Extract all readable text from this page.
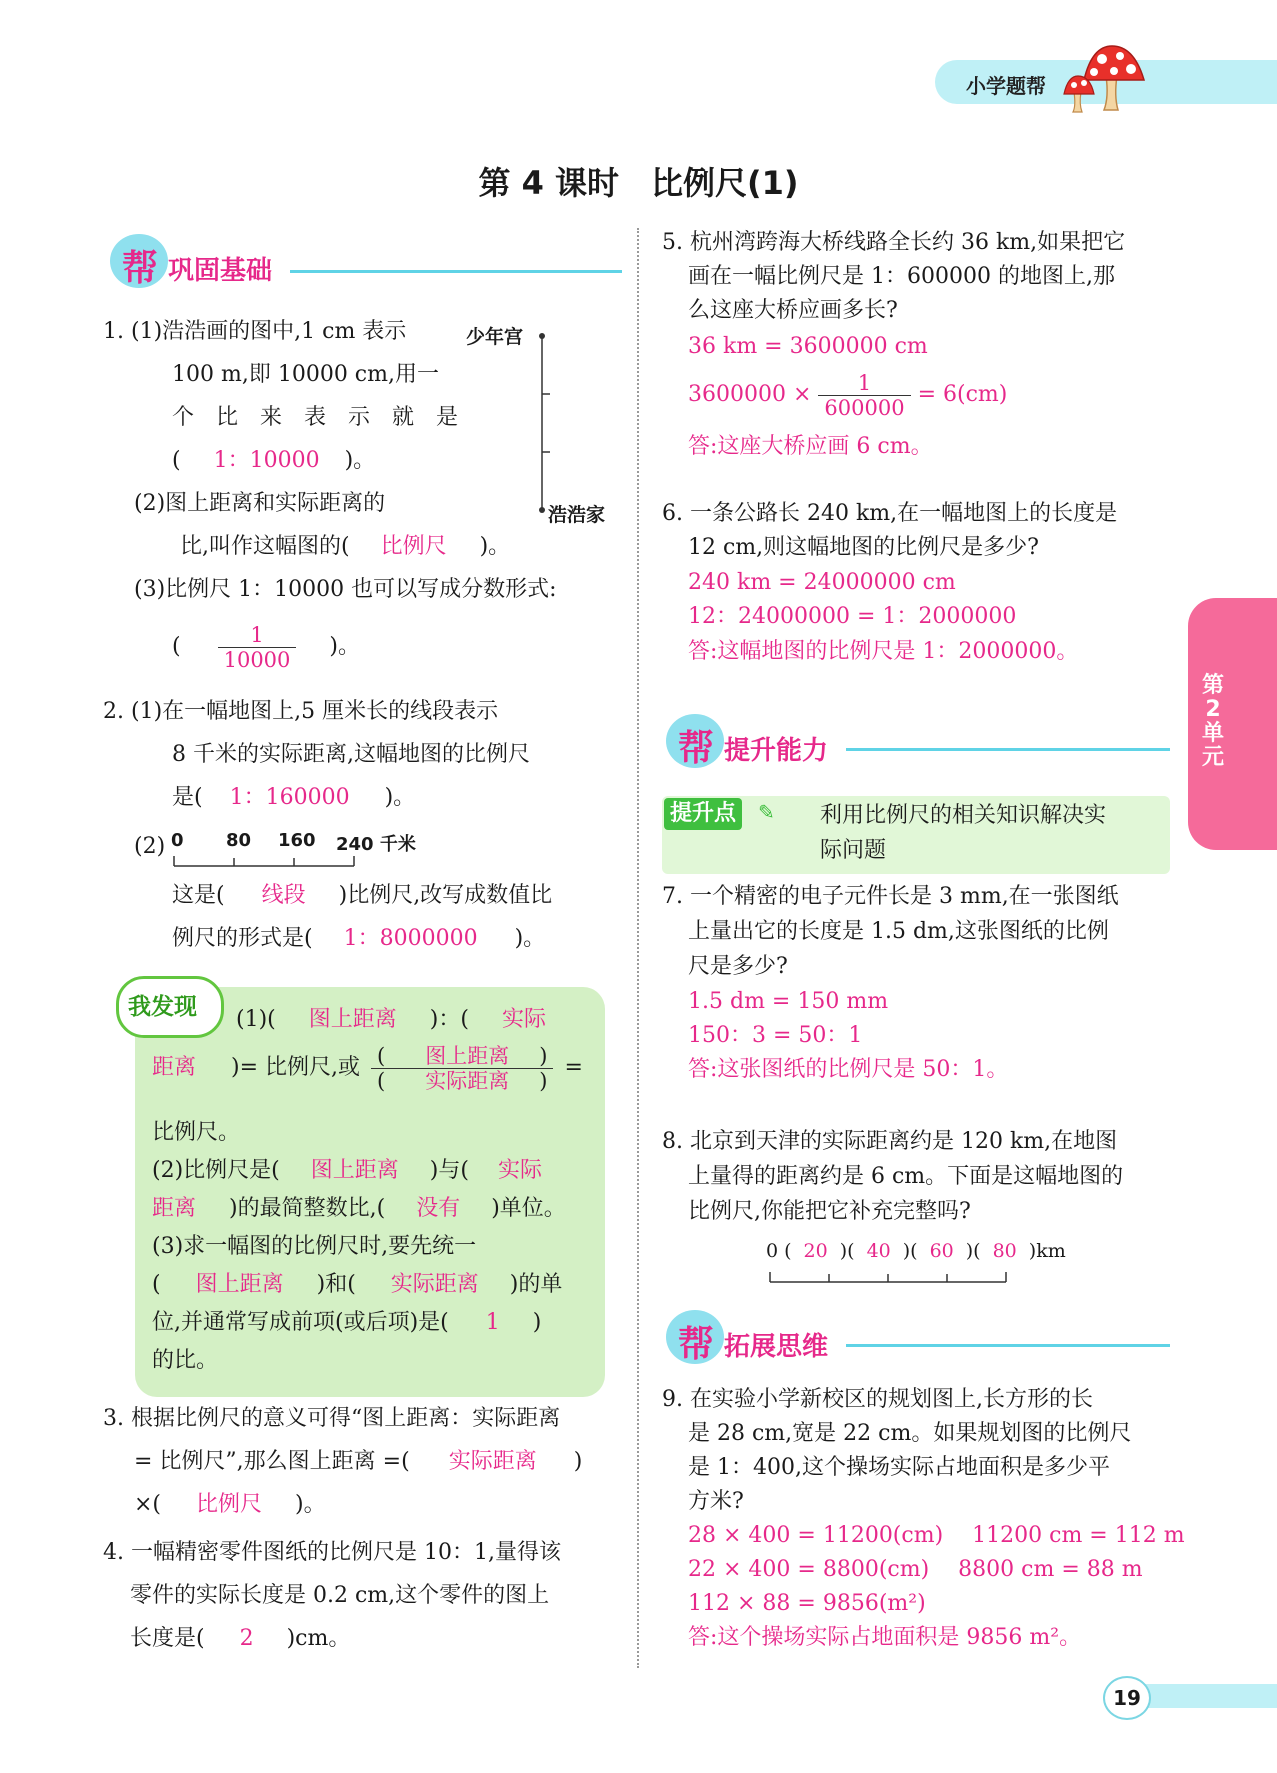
小学题帮
第 4 课时　比例尺(1)
帮 巩固基础
1. (1)浩浩画的图中,1 cm 表示
100 m,即 10000 cm,用一
个　比　来　表　示　就　是
( 1：10000 )。
(2)图上距离和实际距离的
比,叫作这幅图的( 比例尺 )。
(3)比例尺 1：10000 也可以写成分数形式:
( $\frac{1}{10000}$ )。
少年宫
浩浩家
2. (1)在一幅地图上,5 厘米长的线段表示
8 千米的实际距离,这幅地图的比例尺
是( 1：160000 )。
(2) 0 80 160 240 千米
这是( 线段 )比例尺,改写成数值比
例尺的形式是( 1：8000000 )。
我发现 (1)( 图上距离 )：( 实际
距离 )= 比例尺,或 $\frac{\text{( 图上距离 )}}{\text{( 实际距离 )}}$ =
比例尺。
(2)比例尺是( 图上距离 )与( 实际
距离 )的最简整数比,( 没有 )单位。
(3)求一幅图的比例尺时,要先统一
( 图上距离 )和( 实际距离 )的单
位,并通常写成前项(或后项)是( 1 )
的比。
3. 根据比例尺的意义可得“图上距离：实际距离
= 比例尺”,那么图上距离 =( 实际距离 )
×( 比例尺 )。
4. 一幅精密零件图纸的比例尺是 10：1,量得该
零件的实际长度是 0.2 cm,这个零件的图上
长度是( 2 )cm。
5. 杭州湾跨海大桥线路全长约 36 km,如果把它
画在一幅比例尺是 1：600000 的地图上,那
么这座大桥应画多长?
36 km = 3600000 cm
$3600000 \times \frac{1}{600000} = 6(cm)$
答:这座大桥应画 6 cm。
6. 一条公路长 240 km,在一幅地图上的长度是
12 cm,则这幅地图的比例尺是多少?
240 km = 24000000 cm
12：24000000 = 1：2000000
答:这幅地图的比例尺是 1：2000000。
第
2
单
元
帮 提升能力
提升点	✎ 利用比例尺的相关知识解决实
际问题
7. 一个精密的电子元件长是 3 mm,在一张图纸
上量出它的长度是 1.5 dm,这张图纸的比例
尺是多少?
1.5 dm = 150 mm
150：3 = 50：1
答:这张图纸的比例尺是 50：1。
8. 北京到天津的实际距离约是 120 km,在地图
上量得的距离约是 6 cm。下面是这幅地图的
比例尺,你能把它补充完整吗?
0 ( 20 )( 40 )( 60 )( 80 )km
帮 拓展思维
9. 在实验小学新校区的规划图上,长方形的长
是 28 cm,宽是 22 cm。如果规划图的比例尺
是 1：400,这个操场实际占地面积是多少平
方米?
28 × 400 = 11200(cm)　 11200 cm = 112 m
22 × 400 = 8800(cm)　 8800 cm = 88 m
112 × 88 = 9856(m²)
答:这个操场实际占地面积是 9856 m²。
19
